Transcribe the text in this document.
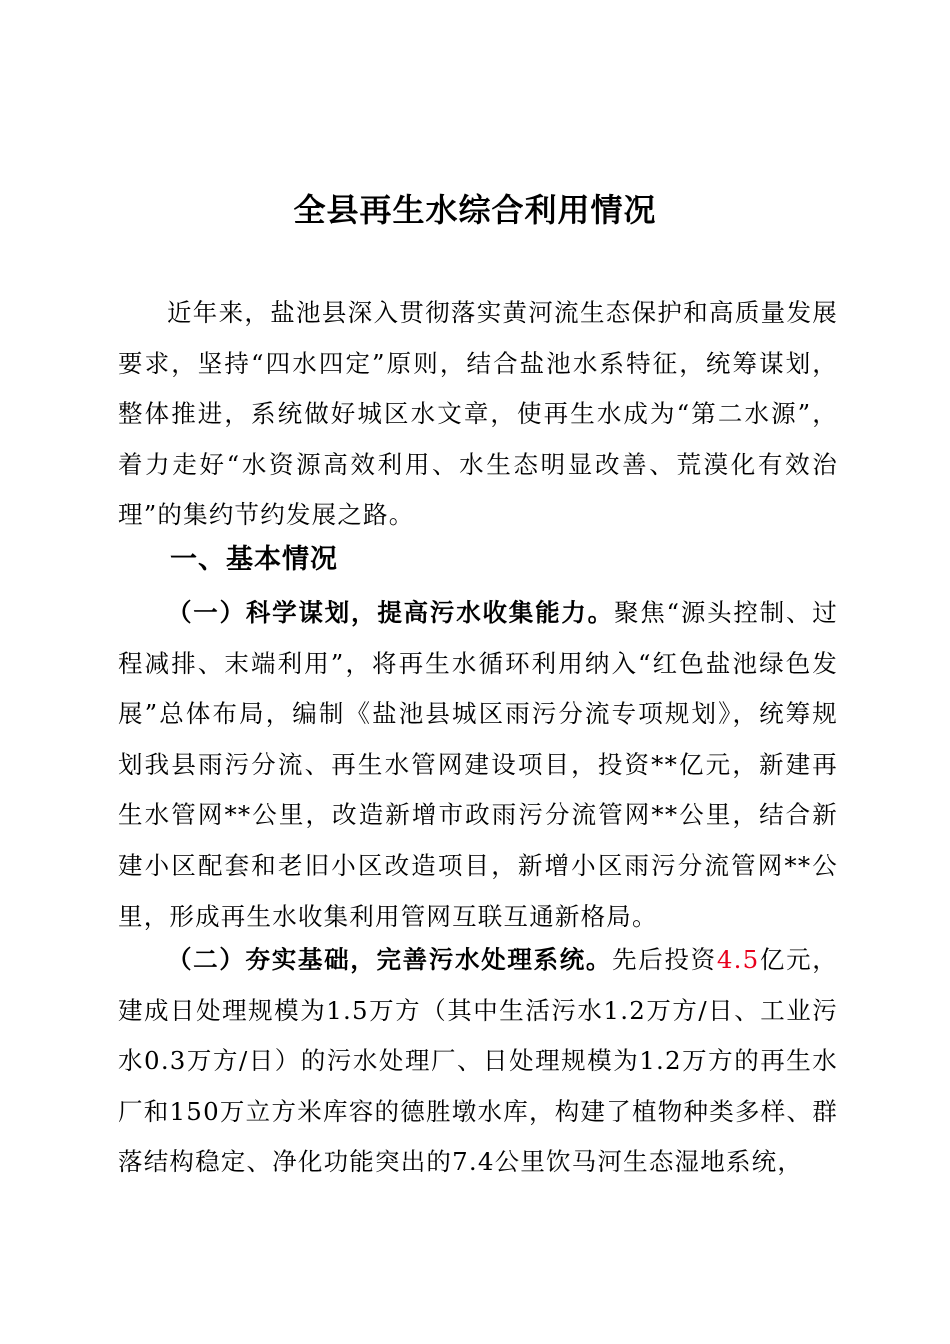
全县再生水综合利用情况

近年来，盐池县深入贯彻落实黄河流生态保护和高质量发展要求，坚持“四水四定”原则，结合盐池水系特征，统筹谋划，整体推进，系统做好城区水文章，使再生水成为“第二水源”，着力走好“水资源高效利用、水生态明显改善、荒漠化有效治理”的集约节约发展之路。

一、基本情况

（一）科学谋划，提高污水收集能力。聚焦“源头控制、过程减排、末端利用”，将再生水循环利用纳入“红色盐池绿色发展”总体布局，编制《盐池县城区雨污分流专项规划》，统筹规划我县雨污分流、再生水管网建设项目，投资**亿元，新建再生水管网**公里，改造新增市政雨污分流管网**公里，结合新建小区配套和老旧小区改造项目，新增小区雨污分流管网**公里，形成再生水收集利用管网互联互通新格局。

（二）夯实基础，完善污水处理系统。先后投资4.5亿元，建成日处理规模为1.5万方（其中生活污水1.2万方/日、工业污水0.3万方/日）的污水处理厂、日处理规模为1.2万方的再生水厂和150万立方米库容的德胜墩水库，构建了植物种类多样、群落结构稳定、净化功能突出的7.4公里饮马河生态湿地系统，
